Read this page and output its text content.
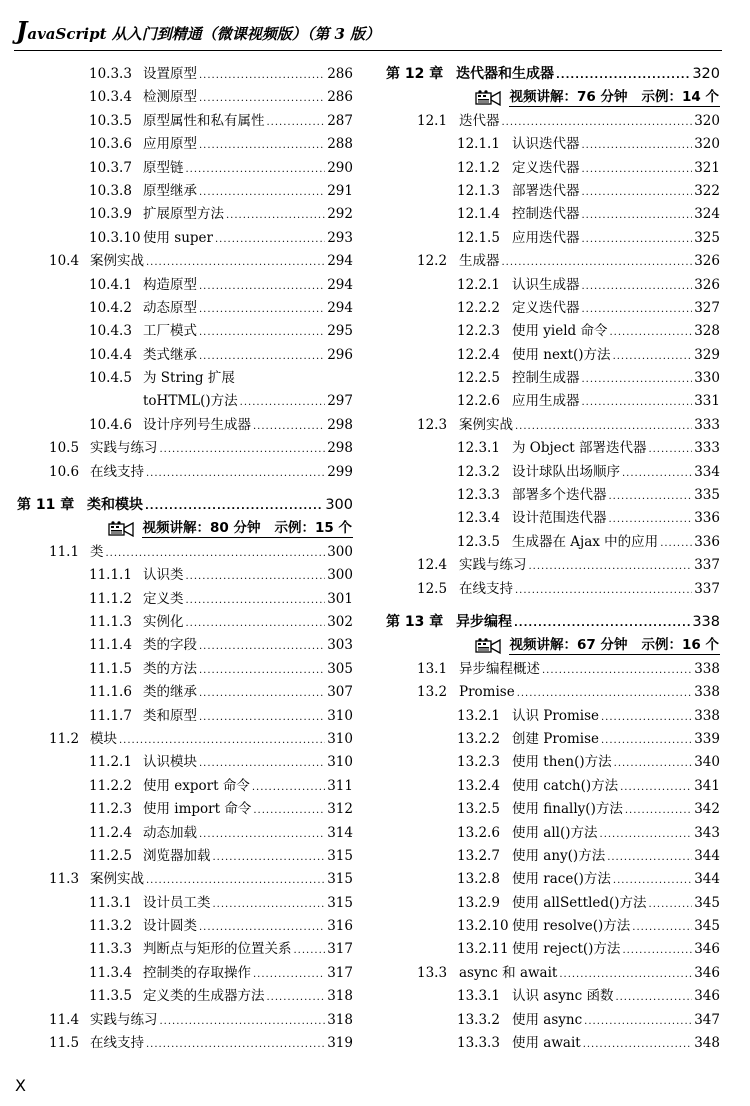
JavaScript 从入门到精通（微课视频版）（第 3 版）
10.3.3 设置原型 .....	286
10.3.4 检测原型 .....	286
10.3.5 原型属性和私有属性 .....	287
10.3.6 应用原型 .....	288
10.3.7 原型链 .....	290
10.3.8 原型继承 .....	291
10.3.9 扩展原型方法 .....	292
10.3.10 使用 super .....	293
10.4 案例实战 .....	294
10.4.1 构造原型 .....	294
10.4.2 动态原型 .....	294
10.4.3 工厂模式 .....	295
10.4.4 类式继承 .....	296
10.4.5 为 String 扩展
toHTML()方法 .....	297
10.4.6 设计序列号生成器 .....	298
10.5 实践与练习 .....	298
10.6 在线支持 .....	299
第 11 章 类和模块 .....	300
视频讲解：80 分钟 示例：15 个
11.1 类 .....	300
11.1.1 认识类 .....	300
11.1.2 定义类 .....	301
11.1.3 实例化 .....	302
11.1.4 类的字段 .....	303
11.1.5 类的方法 .....	305
11.1.6 类的继承 .....	307
11.1.7 类和原型 .....	310
11.2 模块 .....	310
11.2.1 认识模块 .....	310
11.2.2 使用 export 命令 .....	311
11.2.3 使用 import 命令 .....	312
11.2.4 动态加载 .....	314
11.2.5 浏览器加载 .....	315
11.3 案例实战 .....	315
11.3.1 设计员工类 .....	315
11.3.2 设计圆类 .....	316
11.3.3 判断点与矩形的位置关系 .....	317
11.3.4 控制类的存取操作 .....	317
11.3.5 定义类的生成器方法 .....	318
11.4 实践与练习 .....	318
11.5 在线支持 .....	319
第 12 章 迭代器和生成器 .....	320
视频讲解：76 分钟 示例：14 个
12.1 迭代器 .....	320
12.1.1 认识迭代器 .....	320
12.1.2 定义迭代器 .....	321
12.1.3 部署迭代器 .....	322
12.1.4 控制迭代器 .....	324
12.1.5 应用迭代器 .....	325
12.2 生成器 .....	326
12.2.1 认识生成器 .....	326
12.2.2 定义迭代器 .....	327
12.2.3 使用 yield 命令 .....	328
12.2.4 使用 next()方法 .....	329
12.2.5 控制生成器 .....	330
12.2.6 应用生成器 .....	331
12.3 案例实战 .....	333
12.3.1 为 Object 部署迭代器 .....	333
12.3.2 设计球队出场顺序 .....	334
12.3.3 部署多个迭代器 .....	335
12.3.4 设计范围迭代器 .....	336
12.3.5 生成器在 Ajax 中的应用 .....	336
12.4 实践与练习 .....	337
12.5 在线支持 .....	337
第 13 章 异步编程 .....	338
视频讲解：67 分钟 示例：16 个
13.1 异步编程概述 .....	338
13.2 Promise .....	338
13.2.1 认识 Promise .....	338
13.2.2 创建 Promise .....	339
13.2.3 使用 then()方法 .....	340
13.2.4 使用 catch()方法 .....	341
13.2.5 使用 finally()方法 .....	342
13.2.6 使用 all()方法 .....	343
13.2.7 使用 any()方法 .....	344
13.2.8 使用 race()方法 .....	344
13.2.9 使用 allSettled()方法 .....	345
13.2.10 使用 resolve()方法 .....	345
13.2.11 使用 reject()方法 .....	346
13.3 async 和 await .....	346
13.3.1 认识 async 函数 .....	346
13.3.2 使用 async .....	347
13.3.3 使用 await .....	348
X
